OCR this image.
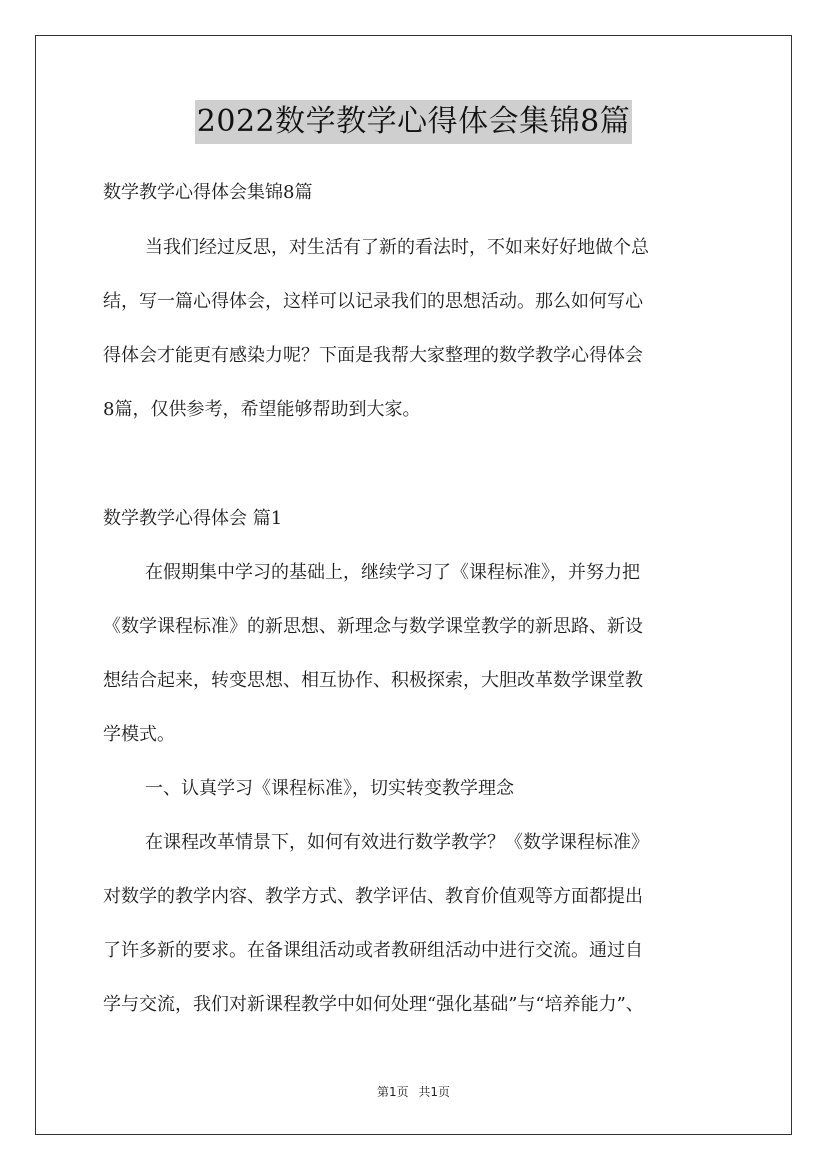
2022数学教学心得体会集锦8篇
数学教学心得体会集锦8篇
当我们经过反思，对生活有了新的看法时，不如来好好地做个总
结，写一篇心得体会，这样可以记录我们的思想活动。那么如何写心
得体会才能更有感染力呢？下面是我帮大家整理的数学教学心得体会
8篇，仅供参考，希望能够帮助到大家。
数学教学心得体会 篇1
在假期集中学习的基础上，继续学习了《课程标准》，并努力把
《数学课程标准》的新思想、新理念与数学课堂教学的新思路、新设
想结合起来，转变思想、相互协作、积极探索，大胆改革数学课堂教
学模式。
一、认真学习《课程标准》，切实转变教学理念
在课程改革情景下，如何有效进行数学教学？《数学课程标准》
对数学的教学内容、教学方式、教学评估、教育价值观等方面都提出
了许多新的要求。在备课组活动或者教研组活动中进行交流。通过自
学与交流，我们对新课程教学中如何处理“强化基础”与“培养能力”、
第1页 共1页
